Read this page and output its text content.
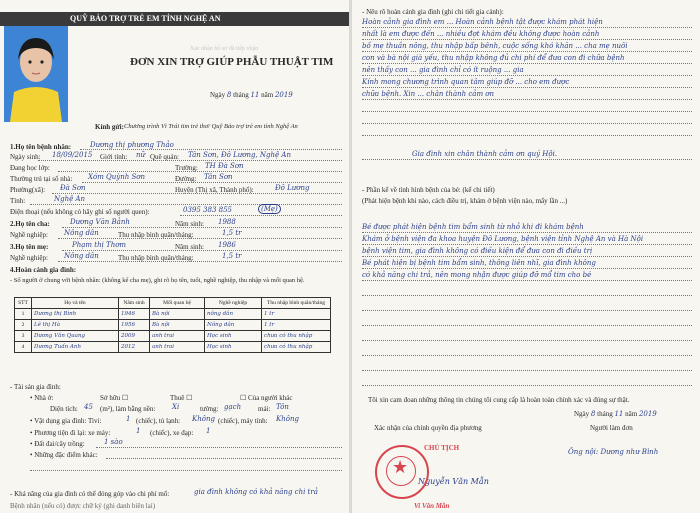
QUỸ BẢO TRỢ TRẺ EM TỈNH NGHỆ AN
Xác nhận hồ sơ đã tiếp nhận
ĐƠN XIN TRỢ GIÚP PHẪU THUẬT TIM
Ngày 8 tháng 11 năm 2019
Kính gửi: Chương trình Vì Trái tim trẻ thơ/ Quỹ Bảo trợ trẻ em tỉnh Nghệ An
1.Họ tên bệnh nhân:	Dương thị phương Thảo
Ngày sinh: 18/09/2015 Giới tính: nữ Quê quán: Tân Sơn, Đô Lương, Nghệ An
Đang học lớp:	Trường: TH Đà Sơn
Thường trú tại số nhà: Xóm Quỳnh Sơn	Đường: Tân Sơn
Phường(xã): Đà Sơn	Huyện (Thị xã, Thành phố):	Đô Lương
Tỉnh:	Nghệ An
Điện thoại (nếu không có hãy ghi số người quen):	0395 383 855	(Mẹ)
2.Họ tên cha:	Dương Văn Bảnh	Năm sinh: 1988
Nghề nghiệp: Nông dân	Thu nhập bình quân/tháng:	1,5 tr
3.Họ tên mẹ:	Phạm thị Thơm	Năm sinh: 1986
Nghề nghiệp: Nông dân	Thu nhập bình quân/tháng:	1,5 tr
4.Hoàn cảnh gia đình:
- Số người ở chung với bệnh nhân: (không kể cha mẹ), ghi rõ họ tên, tuổi, nghề nghiệp, thu nhập và mối quan hệ.
STT	Họ và tên	Năm sinh	Mối quan hệ	Nghề nghiệp	Thu nhập bình quân/tháng
1	Dương thị Bình	1946	Bà nội	nông dân	1 tr
2	Lê thị Hà	1956	Bà nội	Nông dân	1 tr
3	Dương Văn Quang	2009	anh trai	Học sinh	chưa có thu nhập
4	Dương Tuấn Anh	2012	anh trai	Học sinh	chưa có thu nhập
- Tài sản gia đình:
• Nhà ở:	Sở hữu ☐	Thuê ☐	☐ Của người khác
Diện tích: 45 (m²), làm bằng nền: Xi	tường: gạch mái: Tôn
• Vật dụng gia đình: Tivi:	1 (chiếc), tủ lạnh: Không (chiếc), máy tính: Không
• Phương tiện đi lại: xe máy:	1 (chiếc), xe đạp: 1
• Đất đai/cây trồng:	1 sào
• Những đặc điểm khác:
- Khả năng của gia đình có thể đóng góp vào chi phí mổ:	gia đình không có khả năng chi trả
Bệnh nhân (nếu có) được chữ ký (ghi danh biên lai)
- Nêu rõ hoàn cảnh gia đình (ghi chi tiết gia cảnh):
Hoàn cảnh gia đình em ... Hoàn cảnh bệnh tật được khám phát hiện
nhất là em được đến ... nhiều đợt khám đều không được hoàn cảnh
bố mẹ thuần nông, thu nhập bấp bênh, cuộc sống khó khăn ... cha mẹ nuôi
con và bà nội già yếu, thu nhập không đủ chi phí để đưa con đi chữa bệnh
nên thấy con ... gia đình chỉ có ít ruộng ... gia
Kính mong chương trình quan tâm giúp đỡ ... cho em được
chữa bệnh. Xin ... chân thành cảm ơn
Gia đình xin chân thành cảm ơn quý Hội.
- Phần kể về tình hình bệnh của bé: (kể chi tiết)
(Phát hiện bệnh khi nào, cách điều trị, khám ở bệnh viện nào, mấy lần ...)
Bé được phát hiện bệnh tim bẩm sinh từ nhỏ khi đi khám bệnh
Khám ở bệnh viện đa khoa huyện Đô Lương, bệnh viện tỉnh Nghệ An và Hà Nội
bệnh viện tim, gia đình không có điều kiện để đưa con đi điều trị
Bé phát hiện bị bệnh tim bẩm sinh, thông liên nhĩ, gia đình không
có khả năng chi trả, nên mong nhận được giúp đỡ mổ tim cho bé
Tôi xin cam đoan những thông tin chúng tôi cung cấp là hoàn toàn chính xác và đúng sự thật.
Ngày 8 tháng 11 năm 2019
Xác nhận của chính quyền địa phương	Người làm đơn
Ông nội: Dương như Bình
CHỦ TỊCH
Nguyễn Văn Mẫn
Vi Văn Mẫn
★
